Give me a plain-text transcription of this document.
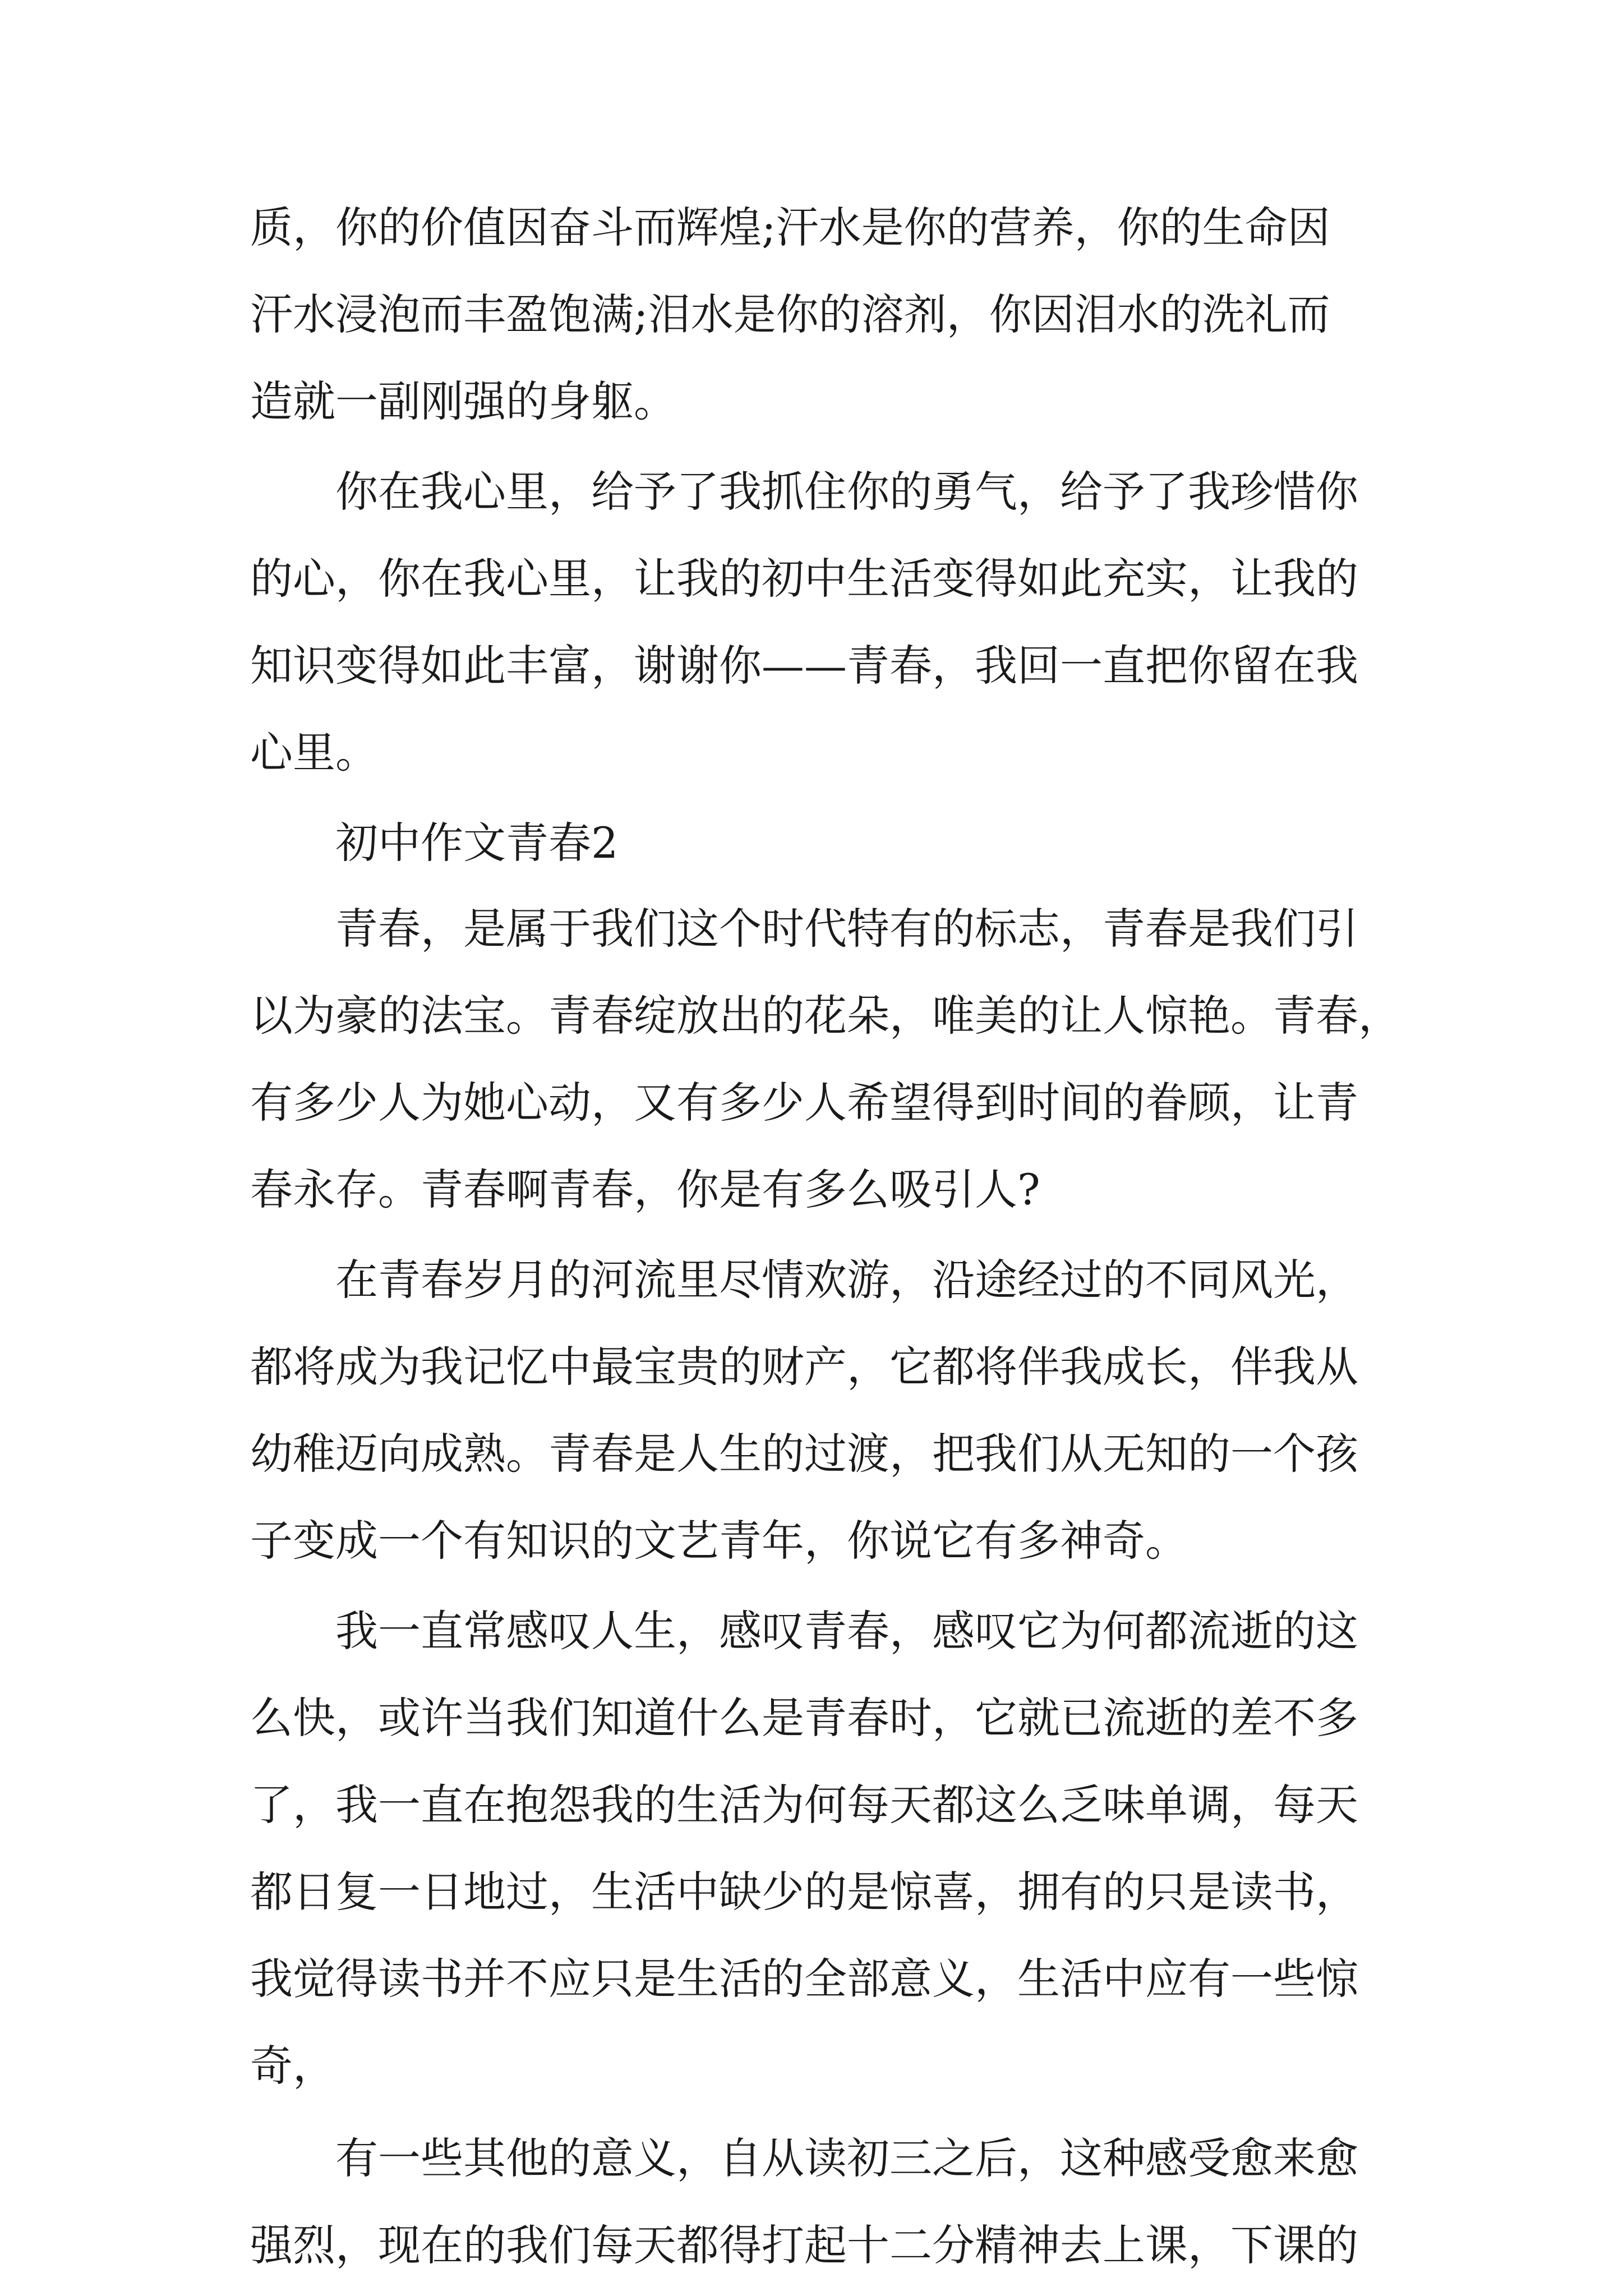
质，你的价值因奋斗而辉煌;汗水是你的营养，你的生命因
汗水浸泡而丰盈饱满;泪水是你的溶剂，你因泪水的洗礼而
造就一副刚强的身躯。
你在我心里，给予了我抓住你的勇气，给予了我珍惜你
的心，你在我心里，让我的初中生活变得如此充实，让我的
知识变得如此丰富，谢谢你——青春，我回一直把你留在我
心里。
初中作文青春2
青春，是属于我们这个时代特有的标志，青春是我们引
以为豪的法宝。青春绽放出的花朵，唯美的让人惊艳。青春，
有多少人为她心动，又有多少人希望得到时间的眷顾，让青
春永存。青春啊青春，你是有多么吸引人?
在青春岁月的河流里尽情欢游，沿途经过的不同风光，
都将成为我记忆中最宝贵的财产，它都将伴我成长，伴我从
幼稚迈向成熟。青春是人生的过渡，把我们从无知的一个孩
子变成一个有知识的文艺青年，你说它有多神奇。
我一直常感叹人生，感叹青春，感叹它为何都流逝的这
么快，或许当我们知道什么是青春时，它就已流逝的差不多
了，我一直在抱怨我的生活为何每天都这么乏味单调，每天
都日复一日地过，生活中缺少的是惊喜，拥有的只是读书，
我觉得读书并不应只是生活的全部意义，生活中应有一些惊
奇，
有一些其他的意义，自从读初三之后，这种感受愈来愈
强烈，现在的我们每天都得打起十二分精神去上课，下课的
